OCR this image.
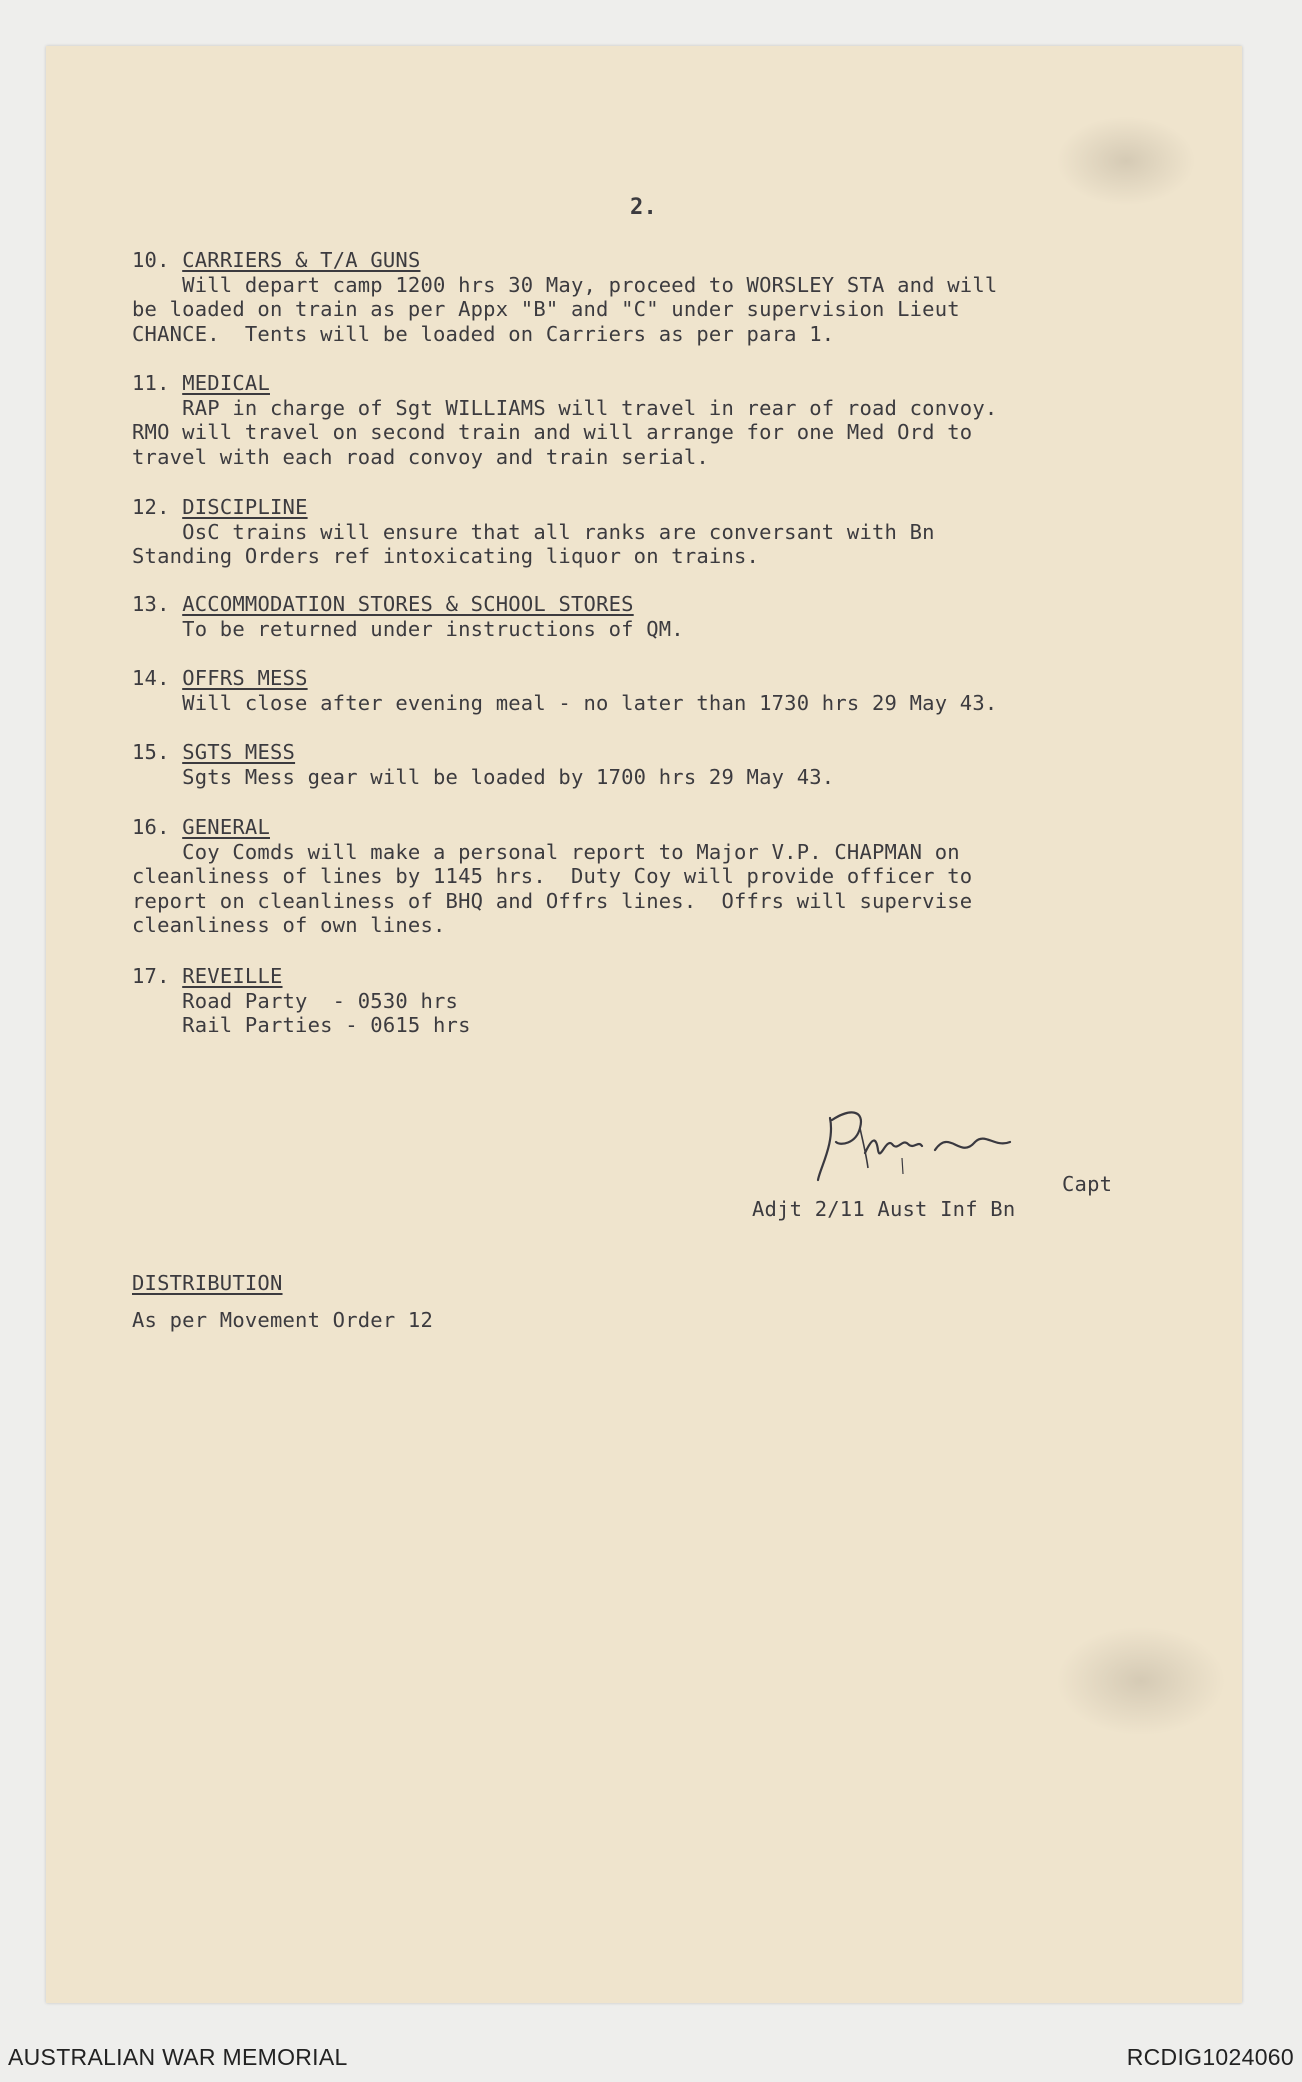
2.
10. CARRIERS & T/A GUNS
Will depart camp 1200 hrs 30 May, proceed to WORSLEY STA and will
be loaded on train as per Appx "B" and "C" under supervision Lieut
CHANCE.  Tents will be loaded on Carriers as per para 1.
11. MEDICAL
RAP in charge of Sgt WILLIAMS will travel in rear of road convoy.
RMO will travel on second train and will arrange for one Med Ord to
travel with each road convoy and train serial.
12. DISCIPLINE
OsC trains will ensure that all ranks are conversant with Bn
Standing Orders ref intoxicating liquor on trains.
13. ACCOMMODATION STORES & SCHOOL STORES
To be returned under instructions of QM.
14. OFFRS MESS
Will close after evening meal - no later than 1730 hrs 29 May 43.
15. SGTS MESS
Sgts Mess gear will be loaded by 1700 hrs 29 May 43.
16. GENERAL
Coy Comds will make a personal report to Major V.P. CHAPMAN on
cleanliness of lines by 1145 hrs.  Duty Coy will provide officer to
report on cleanliness of BHQ and Offrs lines.  Offrs will supervise
cleanliness of own lines.
17. REVEILLE
Road Party  - 0530 hrs
Rail Parties - 0615 hrs
Capt
Adjt 2/11 Aust Inf Bn
DISTRIBUTION
As per Movement Order 12
AUSTRALIAN WAR MEMORIAL	RCDIG1024060
